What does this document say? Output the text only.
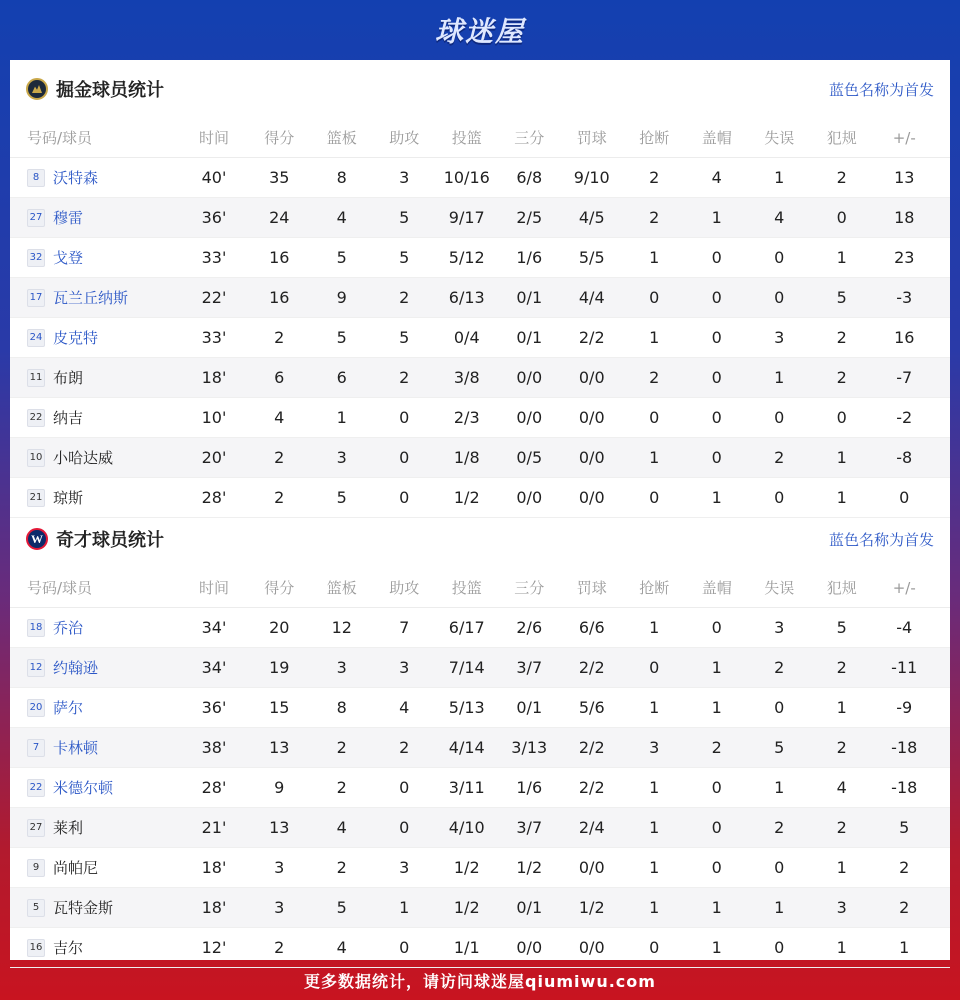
球迷屋
掘金球员统计	蓝色名称为首发
号码/球员	时间	得分	篮板	助攻	投篮	三分	罚球	抢断	盖帽	失误	犯规	+/-
8 沃特森	40'	35	8	3	10/16	6/8	9/10	2	4	1	2	13
27 穆雷	36'	24	4	5	9/17	2/5	4/5	2	1	4	0	18
32 戈登	33'	16	5	5	5/12	1/6	5/5	1	0	0	1	23
17 瓦兰丘纳斯	22'	16	9	2	6/13	0/1	4/4	0	0	0	5	-3
24 皮克特	33'	2	5	5	0/4	0/1	2/2	1	0	3	2	16
11 布朗	18'	6	6	2	3/8	0/0	0/0	2	0	1	2	-7
22 纳吉	10'	4	1	0	2/3	0/0	0/0	0	0	0	0	-2
10 小哈达威	20'	2	3	0	1/8	0/5	0/0	1	0	2	1	-8
21 琼斯	28'	2	5	0	1/2	0/0	0/0	0	1	0	1	0
W 奇才球员统计	蓝色名称为首发
号码/球员	时间	得分	篮板	助攻	投篮	三分	罚球	抢断	盖帽	失误	犯规	+/-
18 乔治	34'	20	12	7	6/17	2/6	6/6	1	0	3	5	-4
12 约翰逊	34'	19	3	3	7/14	3/7	2/2	0	1	2	2	-11
20 萨尔	36'	15	8	4	5/13	0/1	5/6	1	1	0	1	-9
7 卡林顿	38'	13	2	2	4/14	3/13	2/2	3	2	5	2	-18
22 米德尔顿	28'	9	2	0	3/11	1/6	2/2	1	0	1	4	-18
27 莱利	21'	13	4	0	4/10	3/7	2/4	1	0	2	2	5
9 尚帕尼	18'	3	2	3	1/2	1/2	0/0	1	0	0	1	2
5 瓦特金斯	18'	3	5	1	1/2	0/1	1/2	1	1	1	3	2
16 吉尔	12'	2	4	0	1/1	0/0	0/0	0	1	0	1	1
更多数据统计，请访问球迷屋qiumiwu.com
